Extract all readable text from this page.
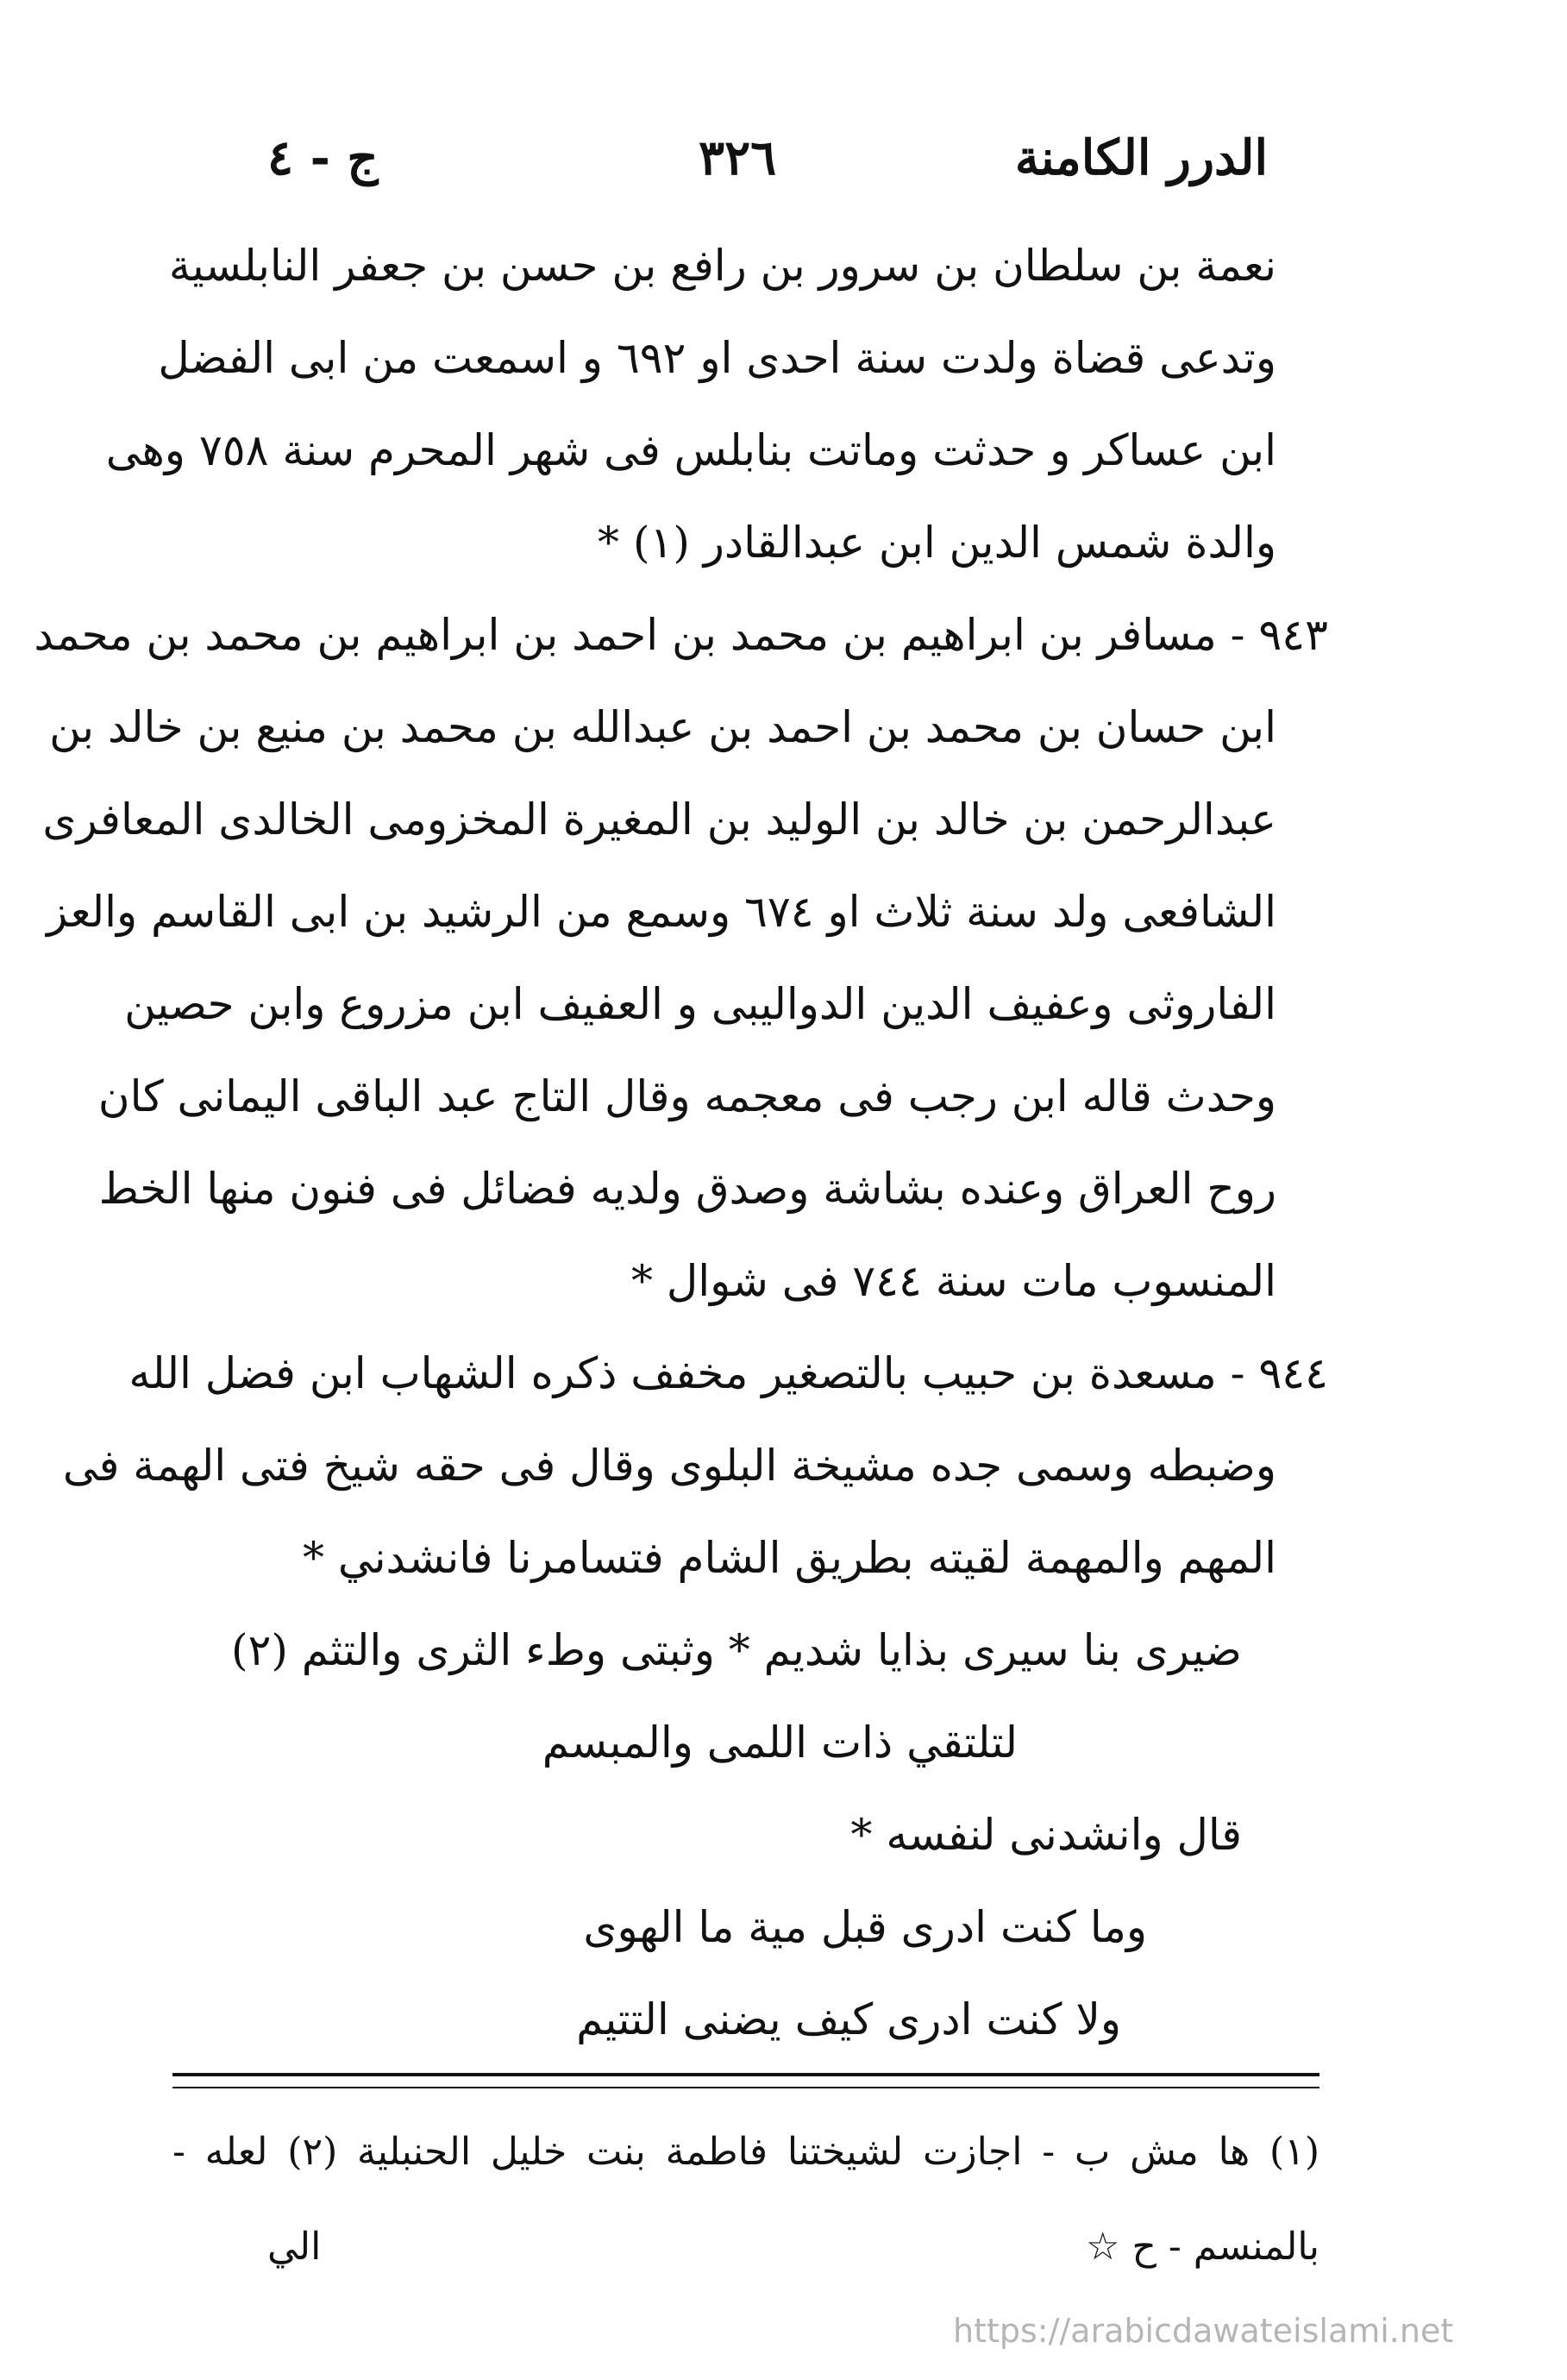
الدرر الكامنة
٣٢٦
ج - ٤
نعمة بن سلطان بن سرور بن رافع بن حسن بن جعفر النابلسية
وتدعى قضاة ولدت سنة احدى او ٦٩٢ و اسمعت من ابى الفضل
ابن عساكر و حدثت وماتت بنابلس فى شهر المحرم سنة ٧٥٨ وهى
والدة شمس الدين ابن عبدالقادر (١) *
٩٤٣ - مسافر بن ابراهيم بن محمد بن احمد بن ابراهيم بن محمد بن محمد
ابن حسان بن محمد بن احمد بن عبدالله بن محمد بن منيع بن خالد بن
عبدالرحمن بن خالد بن الوليد بن المغيرة المخزومى الخالدى المعافرى
الشافعى ولد سنة ثلاث او ٦٧٤ وسمع من الرشيد بن ابى القاسم والعز
الفاروثى وعفيف الدين الدواليبى و العفيف ابن مزروع وابن حصين
وحدث قاله ابن رجب فى معجمه وقال التاج عبد الباقى اليمانى كان
روح العراق وعنده بشاشة وصدق ولديه فضائل فى فنون منها الخط
المنسوب مات سنة ٧٤٤ فى شوال *
٩٤٤ - مسعدة بن حبيب بالتصغير مخفف ذكره الشهاب ابن فضل الله
وضبطه وسمى جده مشيخة البلوى وقال فى حقه شيخ فتى الهمة فى
المهم والمهمة لقيته بطريق الشام فتسامرنا فانشدني *
ضيرى بنا سيرى بذايا شديم * وثبتى وطء الثرى والتثم (٢)
لتلتقي ذات اللمى والمبسم
قال وانشدنى لنفسه *
وما كنت ادرى قبل مية ما الهوى
ولا كنت ادرى كيف يضنى التتيم
(١) ها مش ب - اجازت لشيختنا فاطمة بنت خليل الحنبلية (٢) لعله -
بالمنسم - ح ☆
الي
https://arabicdawateislami.net
